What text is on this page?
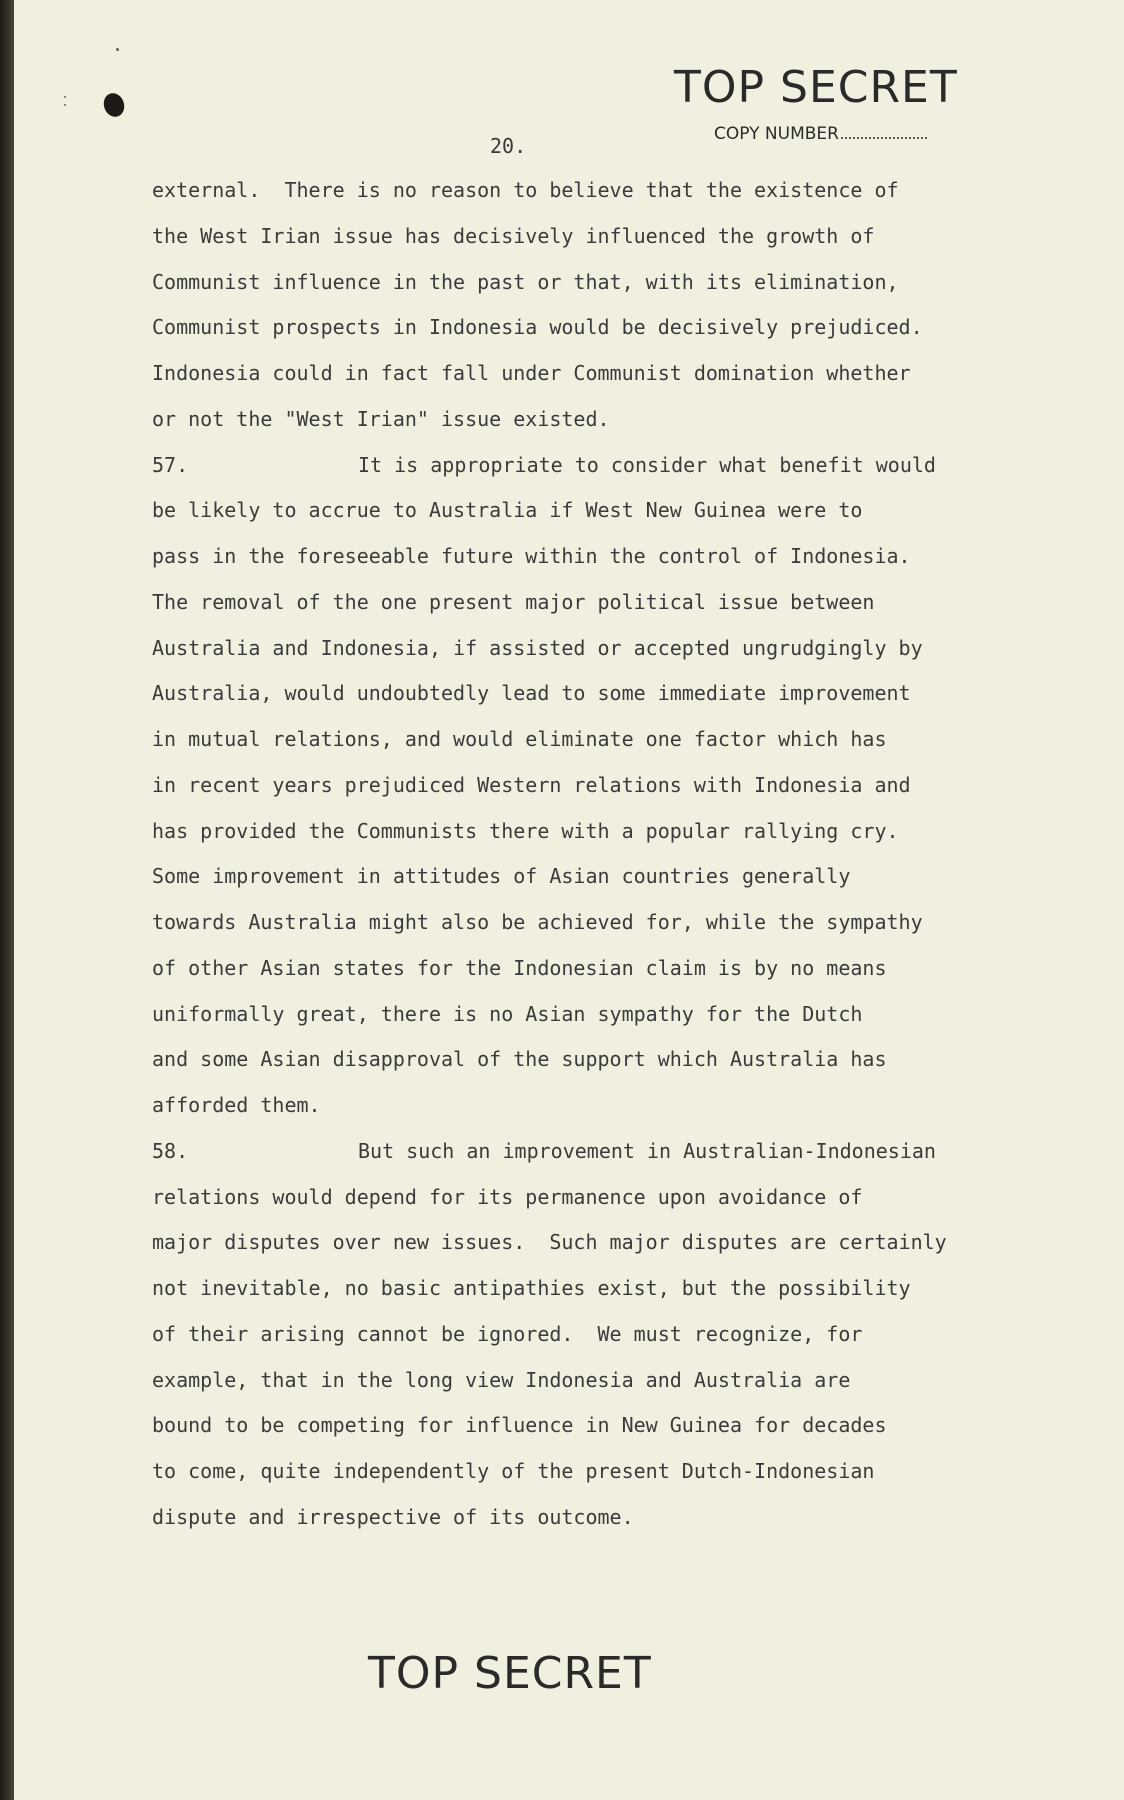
TOP SECRET
COPY NUMBER
20.
external.  There is no reason to believe that the existence of
the West Irian issue has decisively influenced the growth of
Communist influence in the past or that, with its elimination,
Communist prospects in Indonesia would be decisively prejudiced.
Indonesia could in fact fall under Communist domination whether
or not the "West Irian" issue existed.
57.	It is appropriate to consider what benefit would
be likely to accrue to Australia if West New Guinea were to
pass in the foreseeable future within the control of Indonesia.
The removal of the one present major political issue between
Australia and Indonesia, if assisted or accepted ungrudgingly by
Australia, would undoubtedly lead to some immediate improvement
in mutual relations, and would eliminate one factor which has
in recent years prejudiced Western relations with Indonesia and
has provided the Communists there with a popular rallying cry.
Some improvement in attitudes of Asian countries generally
towards Australia might also be achieved for, while the sympathy
of other Asian states for the Indonesian claim is by no means
uniformally great, there is no Asian sympathy for the Dutch
and some Asian disapproval of the support which Australia has
afforded them.
58.	But such an improvement in Australian-Indonesian
relations would depend for its permanence upon avoidance of
major disputes over new issues.  Such major disputes are certainly
not inevitable, no basic antipathies exist, but the possibility
of their arising cannot be ignored.  We must recognize, for
example, that in the long view Indonesia and Australia are
bound to be competing for influence in New Guinea for decades
to come, quite independently of the present Dutch-Indonesian
dispute and irrespective of its outcome.
TOP SECRET
